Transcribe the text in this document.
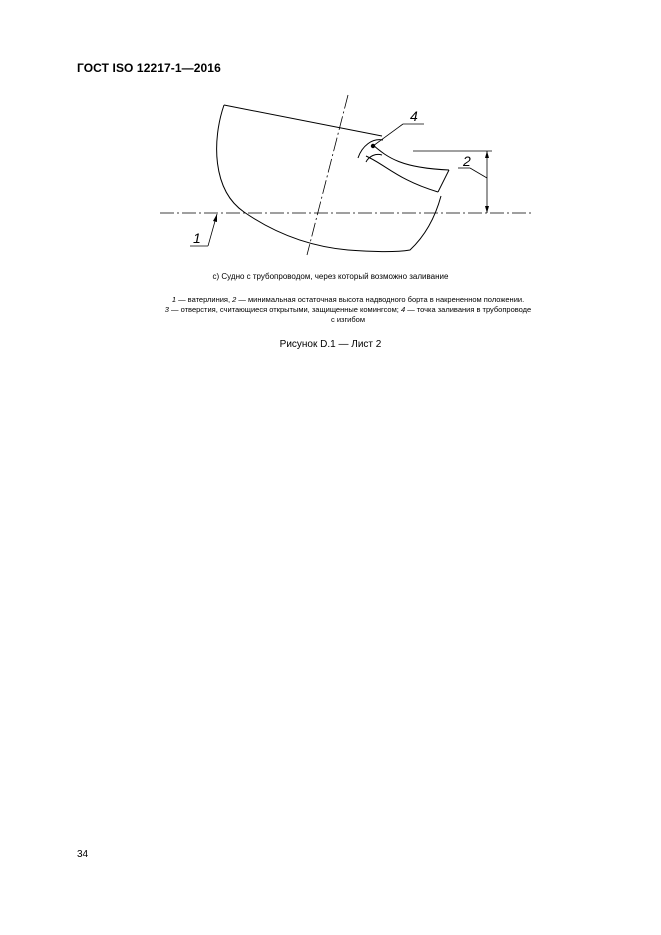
ГОСТ ISO 12217-1—2016
4
2
1
c) Судно с трубопроводом, через который возможно заливание
1 — ватерлиния, 2 — минимальная остаточная высота надводного борта в накрененном положении.
3 — отверстия, считающиеся открытыми, защищенные комингсом; 4 — точка заливания в трубопроводе
с изгибом
Рисунок D.1 — Лист 2
34
